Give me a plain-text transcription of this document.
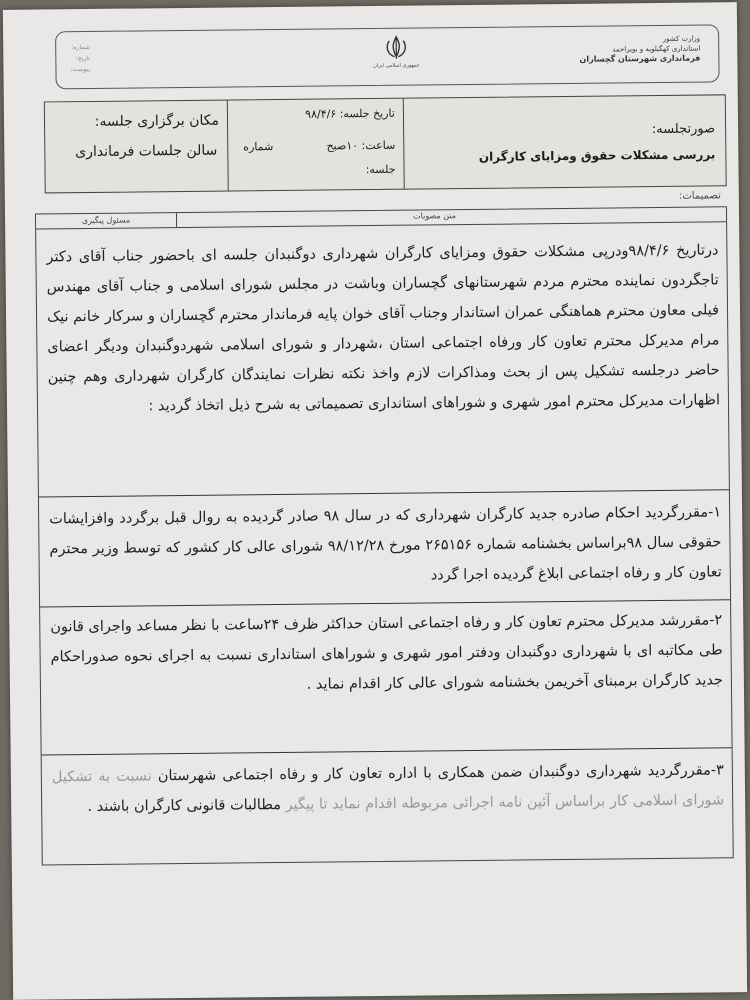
وزارت کشور
استانداری کهگیلویه و بویراحمد
فرمانداری شهرستان گچساران
جمهوری اسلامی ایران
شماره:
تاریخ:
پیوست:
صورتجلسه:
بررسی مشکلات حقوق ومزایای کارگران
تاریخ جلسه: ۹۸/۴/۶
ساعت: ۱۰صبح
شماره
جلسه:
مکان برگزاری جلسه:
سالن جلسات فرمانداری
تصمیمات:
متن مصوبات
مسئول پیگیری
درتاریخ ۹۸/۴/۶ودرپی مشکلات حقوق ومزایای کارگران شهرداری دوگنبدان جلسه ای باحضور جناب آقای دکتر تاجگردون نماینده محترم مردم شهرستانهای گچساران وباشت در مجلس شورای اسلامی و جناب آقای مهندس فیلی معاون محترم هماهنگی عمران استاندار وجناب آقای خوان پایه فرماندار محترم گچساران و سرکار خانم نیک مرام مدیرکل محترم تعاون کار ورفاه اجتماعی استان ،شهردار و شورای اسلامی شهردوگنبدان ودیگر اعضای حاضر درجلسه تشکیل پس از بحث ومذاکرات لازم واخذ نکته نظرات نمایندگان کارگران شهرداری وهم چنین اظهارات مدیرکل محترم امور شهری و شوراهای استانداری تصمیماتی به شرح ذیل اتخاذ گردید :
۱-مقررگردید احکام صادره جدید کارگران شهرداری که در سال ۹۸ صادر گردیده به روال قبل برگردد وافزایشات حقوقی سال ۹۸براساس بخشنامه شماره ۲۶۵۱۵۶ مورخ ۹۸/۱۲/۲۸ شورای عالی کار کشور که توسط وزیر محترم تعاون کار و رفاه اجتماعی ابلاغ گردیده اجرا گردد
۲-مقررشد مدیرکل محترم تعاون کار و رفاه اجتماعی استان حداکثر ظرف ۲۴ساعت با نظر مساعد واجرای قانون طی مکاتبه ای با شهرداری دوگنبدان ودفتر امور شهری و شوراهای استانداری نسبت به اجرای نحوه صدوراحکام جدید کارگران برمبنای آخریمن بخشنامه شورای عالی کار اقدام نماید .
۳-مقررگردید شهرداری دوگنبدان ضمن همکاری با اداره تعاون کار و رفاه اجتماعی شهرستان نسبت به تشکیل شورای اسلامی کار براساس آئین نامه اجرائی مربوطه اقدام نماید تا پیگیر مطالبات قانونی کارگران باشند .
